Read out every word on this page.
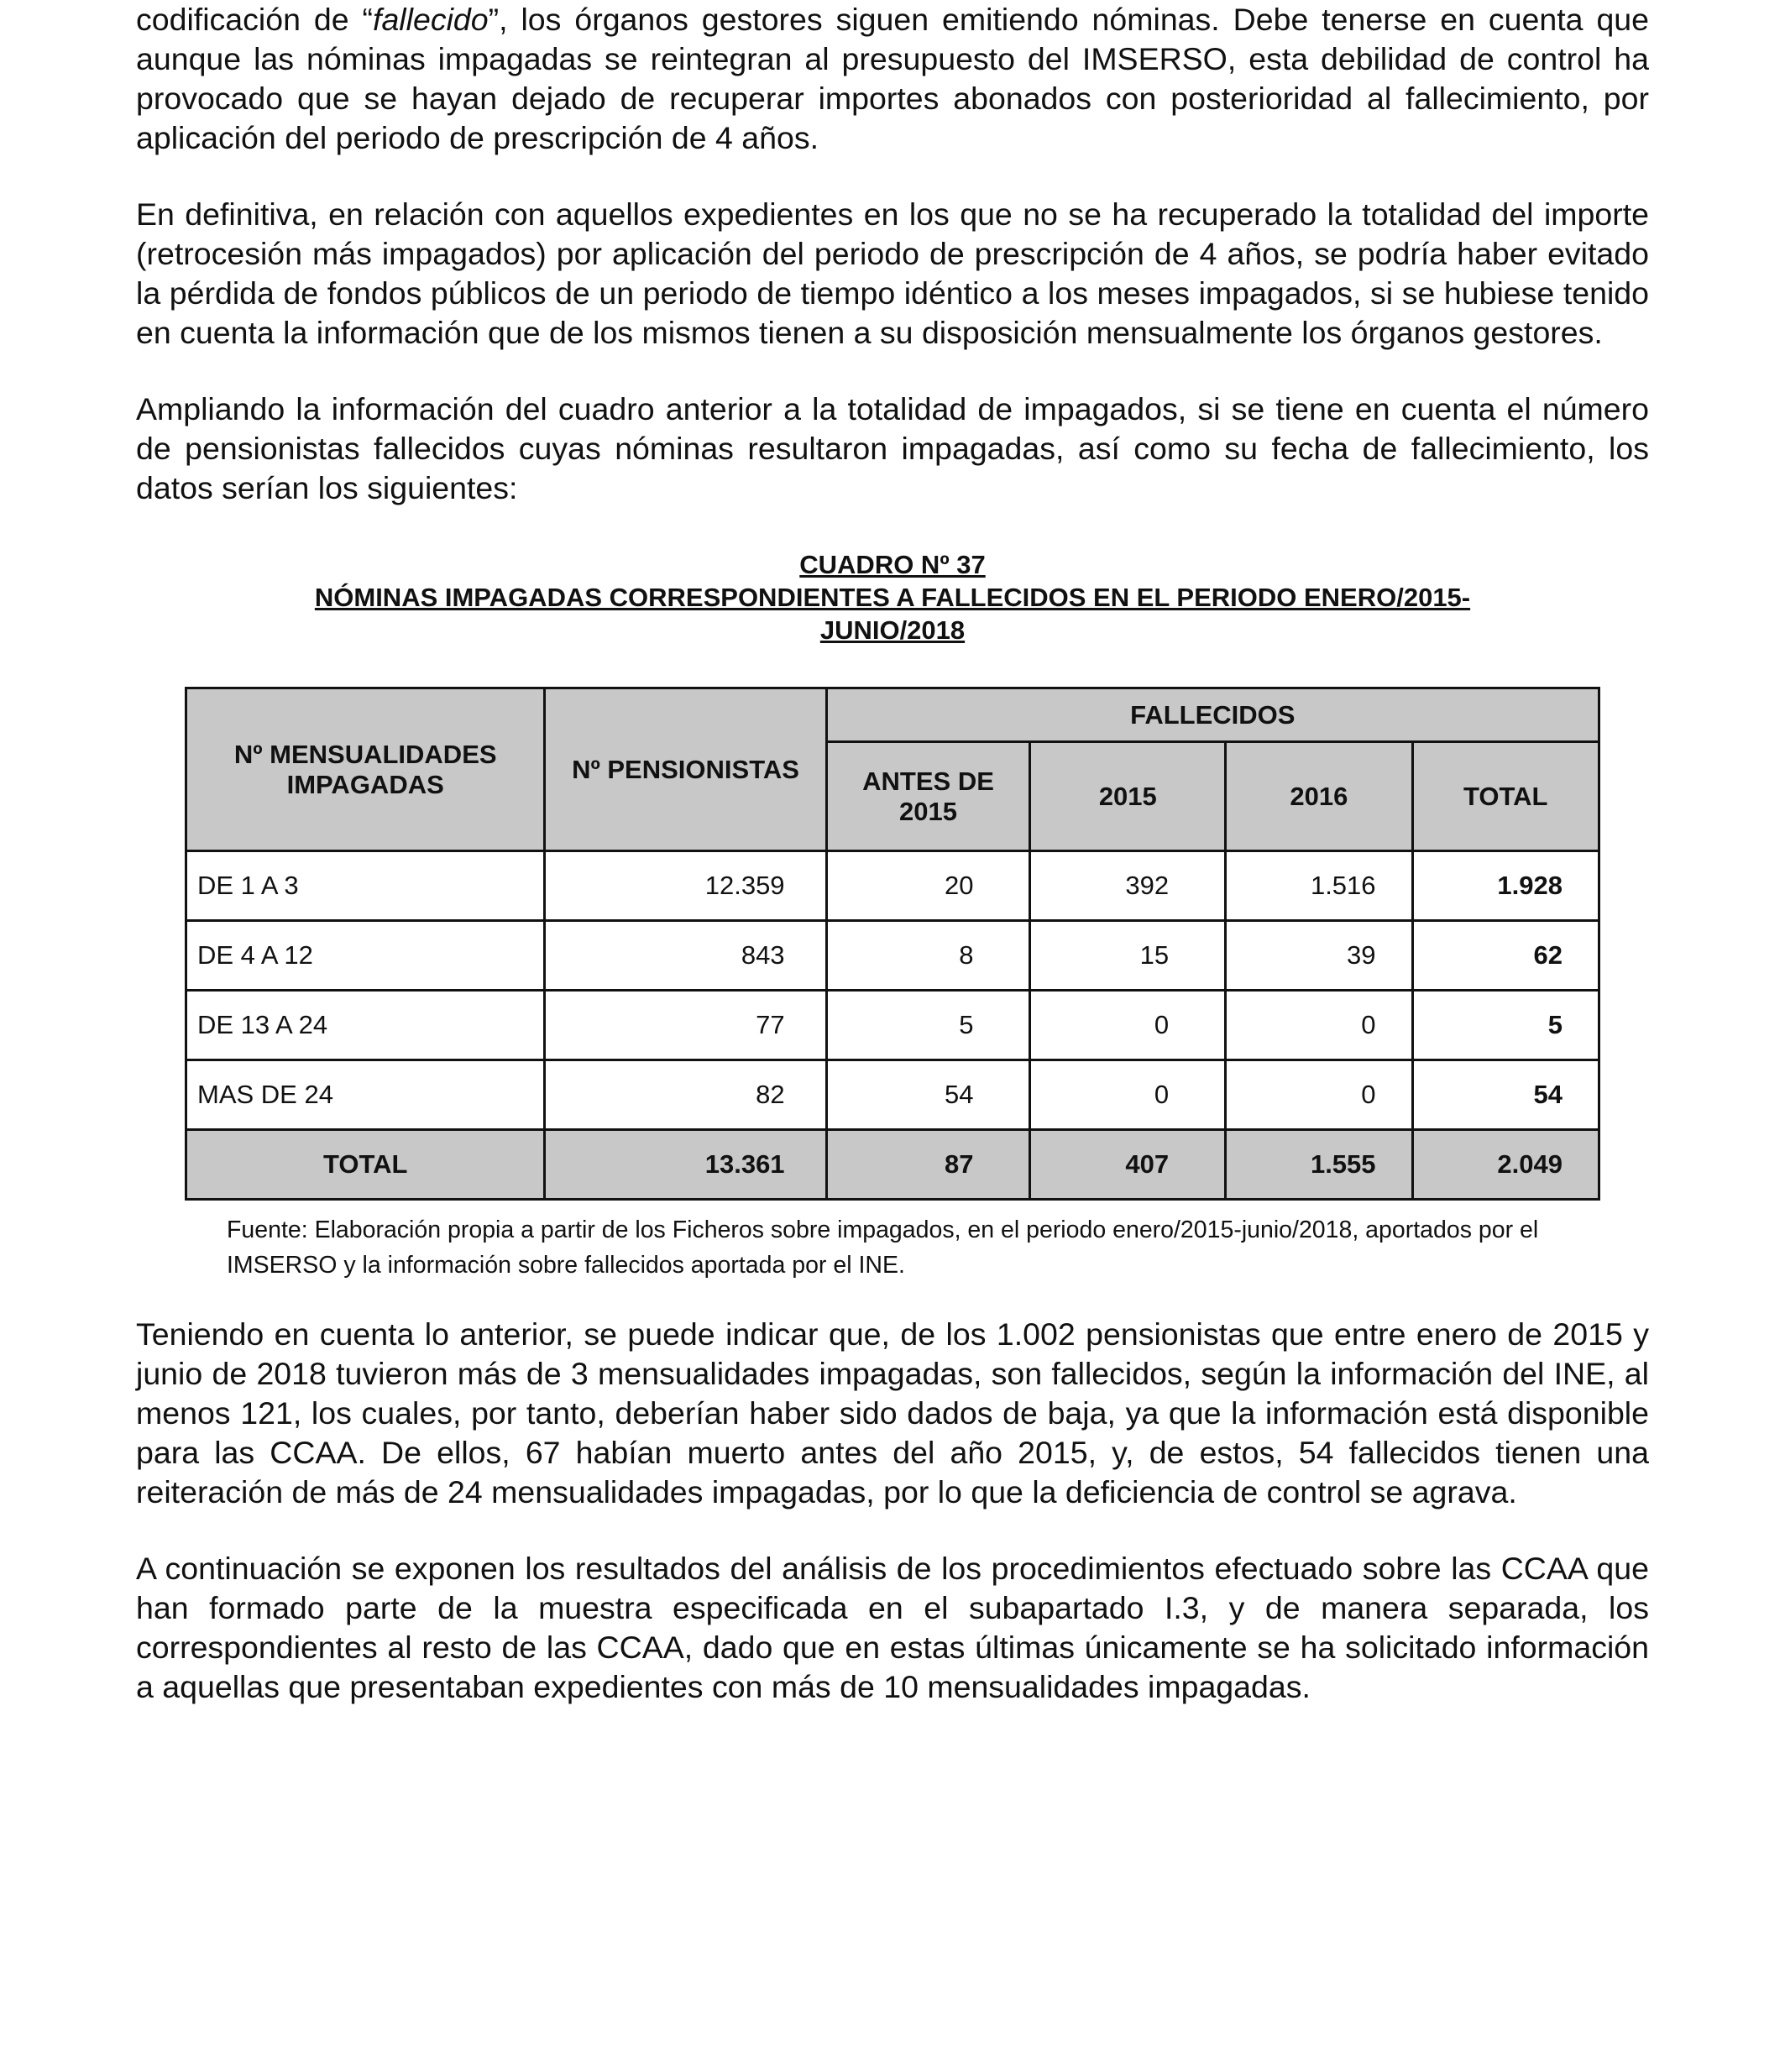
codificación de “fallecido”, los órganos gestores siguen emitiendo nóminas. Debe tenerse en cuenta que aunque las nóminas impagadas se reintegran al presupuesto del IMSERSO, esta debilidad de control ha provocado que se hayan dejado de recuperar importes abonados con posterioridad al fallecimiento, por aplicación del periodo de prescripción de 4 años.

En definitiva, en relación con aquellos expedientes en los que no se ha recuperado la totalidad del importe (retrocesión más impagados) por aplicación del periodo de prescripción de 4 años, se podría haber evitado la pérdida de fondos públicos de un periodo de tiempo idéntico a los meses impagados, si se hubiese tenido en cuenta la información que de los mismos tienen a su disposición mensualmente los órganos gestores.

Ampliando la información del cuadro anterior a la totalidad de impagados, si se tiene en cuenta el número de pensionistas fallecidos cuyas nóminas resultaron impagadas, así como su fecha de fallecimiento, los datos serían los siguientes:

CUADRO Nº 37

NÓMINAS IMPAGADAS CORRESPONDIENTES A FALLECIDOS EN EL PERIODO ENERO/2015-JUNIO/2018

Nº MENSUALIDADES IMPAGADAS	Nº PENSIONISTAS	FALLECIDOS			
		ANTES DE 2015	2015	2016	TOTAL
DE 1 A 3	12.359	20	392	1.516	1.928
DE 4 A 12	843	8	15	39	62
DE 13 A 24	77	5	0	0	5
MAS DE 24	82	54	0	0	54
TOTAL	13.361	87	407	1.555	2.049

Fuente: Elaboración propia a partir de los Ficheros sobre impagados, en el periodo enero/2015-junio/2018, aportados por el IMSERSO y la información sobre fallecidos aportada por el INE.

Teniendo en cuenta lo anterior, se puede indicar que, de los 1.002 pensionistas que entre enero de 2015 y junio de 2018 tuvieron más de 3 mensualidades impagadas, son fallecidos, según la información del INE, al menos 121, los cuales, por tanto, deberían haber sido dados de baja, ya que la información está disponible para las CCAA. De ellos, 67 habían muerto antes del año 2015, y, de estos, 54 fallecidos tienen una reiteración de más de 24 mensualidades impagadas, por lo que la deficiencia de control se agrava.

A continuación se exponen los resultados del análisis de los procedimientos efectuado sobre las CCAA que han formado parte de la muestra especificada en el subapartado I.3, y de manera separada, los correspondientes al resto de las CCAA, dado que en estas últimas únicamente se ha solicitado información a aquellas que presentaban expedientes con más de 10 mensualidades impagadas.
